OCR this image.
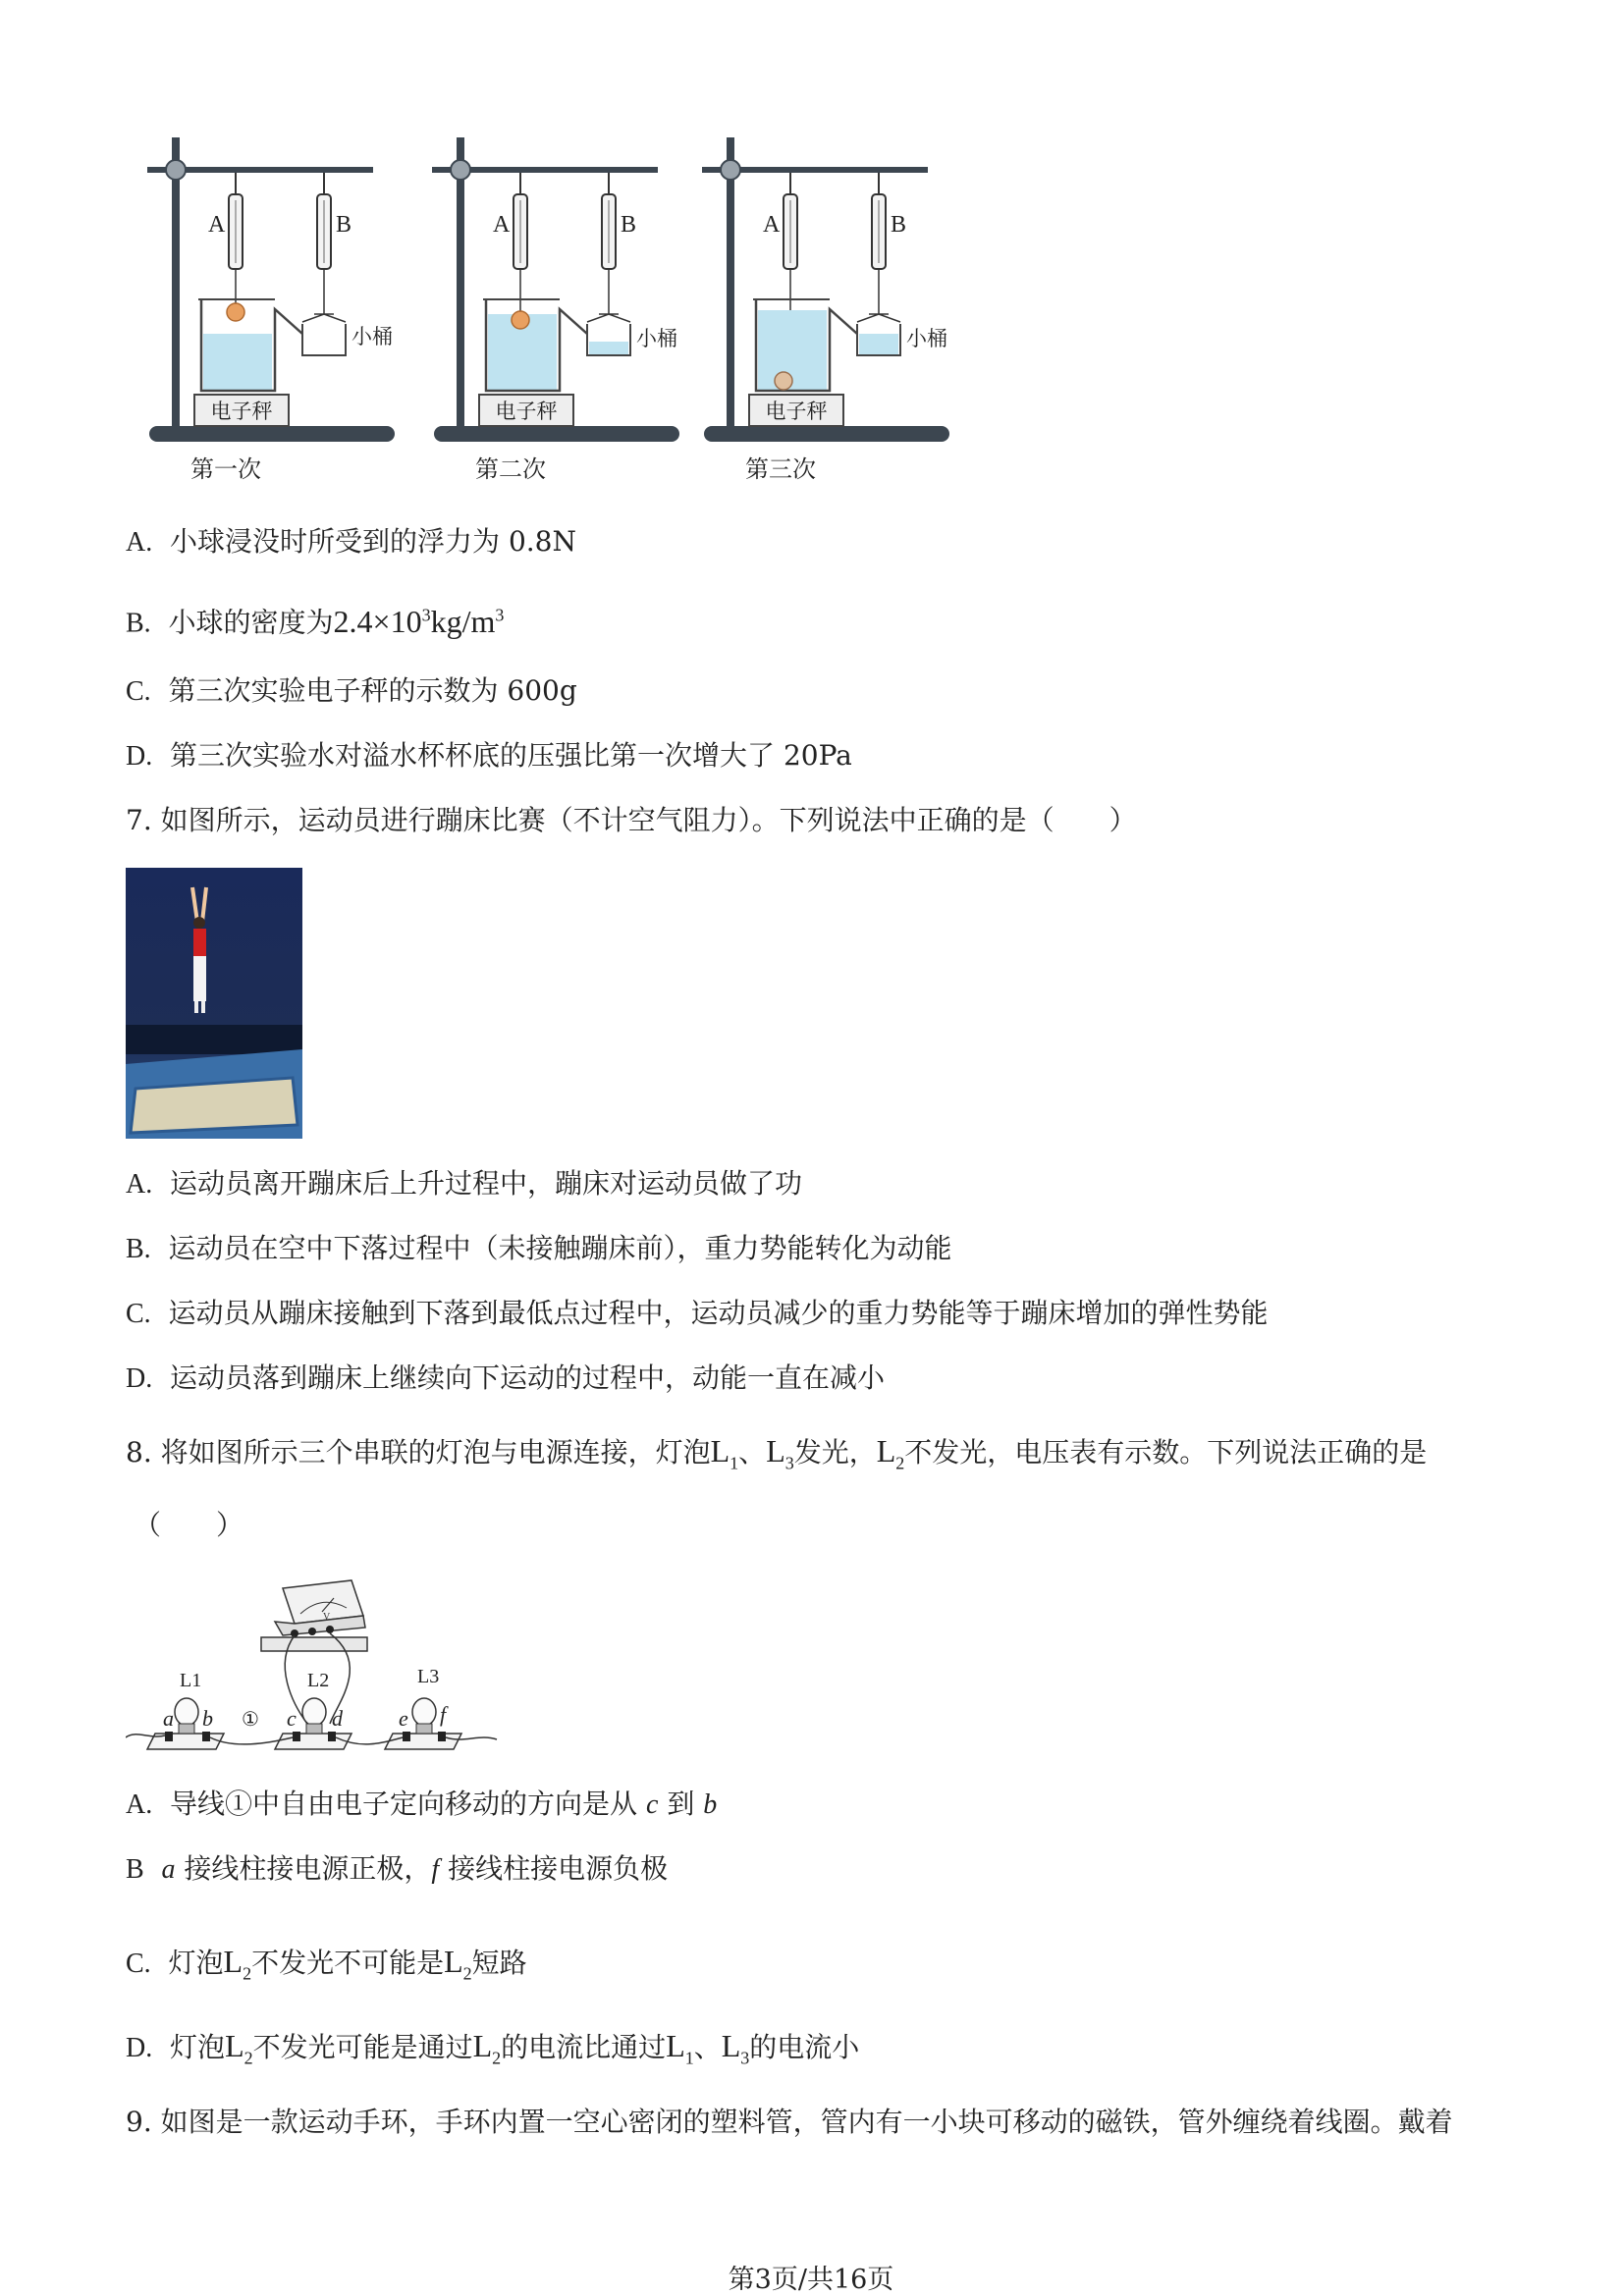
A	B
小桶
电子秤
第一次
A	B
小桶
电子秤
第二次
A	B
小桶
电子秤
第三次
A. 小球浸没时所受到的浮力为 0.8N
B. 小球的密度为$2.4\times 10^3kg/m^3$
C. 第三次实验电子秤的示数为 600g
D. 第三次实验水对溢水杯杯底的压强比第一次增大了 20Pa
7. 如图所示，运动员进行蹦床比赛（不计空气阻力）。下列说法中正确的是（　　）
A. 运动员离开蹦床后上升过程中，蹦床对运动员做了功
B. 运动员在空中下落过程中（未接触蹦床前），重力势能转化为动能
C. 运动员从蹦床接触到下落到最低点过程中，运动员减少的重力势能等于蹦床增加的弹性势能
D. 运动员落到蹦床上继续向下运动的过程中，动能一直在减小
8. 将如图所示三个串联的灯泡与电源连接，灯泡$L_1$、$L_3$发光，$L_2$不发光，电压表有示数。下列说法正确的是
（　　）
V
L1	L2	L3
a b	c d	e f
①
A. 导线①中自由电子定向移动的方向是从 c 到 b
B a 接线柱接电源正极，f 接线柱接电源负极
C. 灯泡$L_2$不发光不可能是$L_2$短路
D. 灯泡$L_2$不发光可能是通过$L_2$的电流比通过$L_1$、$L_3$的电流小
9. 如图是一款运动手环，手环内置一空心密闭的塑料管，管内有一小块可移动的磁铁，管外缠绕着线圈。戴着
第3页/共16页
